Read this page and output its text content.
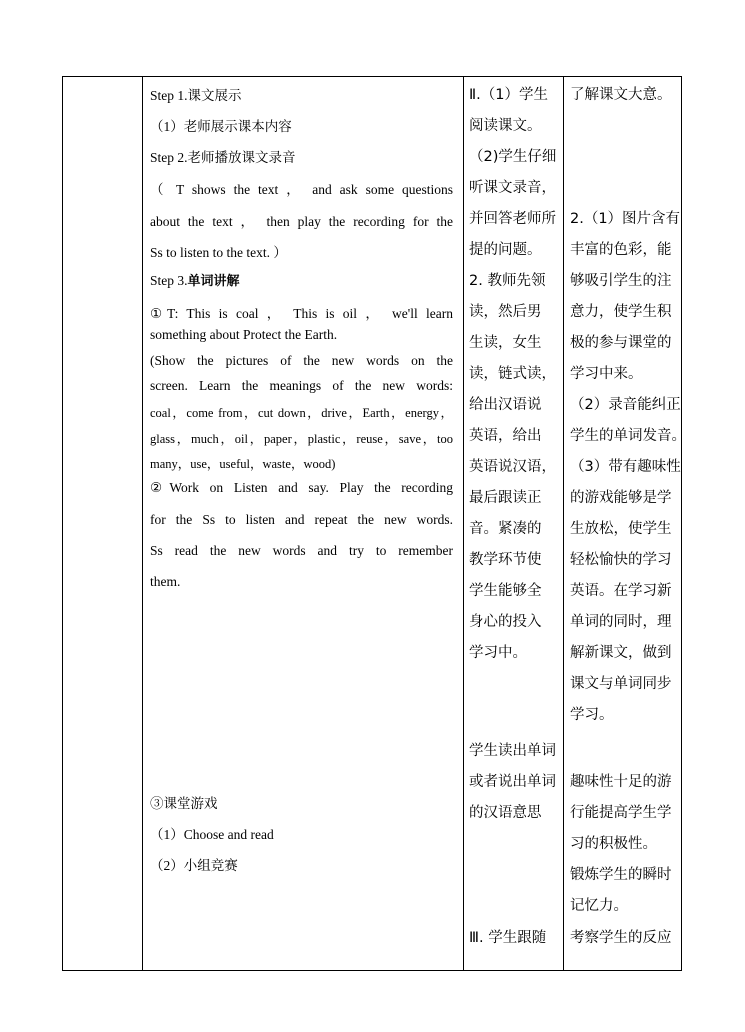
Step 1.课文展示
（1）老师展示课本内容
Step 2.老师播放课文录音
（ T shows the text ， and ask some questions
about the text ， then play the recording for the
Ss to listen to the text. ）
Step 3.单词讲解
①T: This is coal ， This is oil ， we'll learn
something about Protect the Earth.
(Show the pictures of the new words on the
screen. Learn the meanings of the new words:
coal，come from，cut down，drive，Earth，energy，
glass，much，oil，paper，plastic，reuse，save，too
many，use，useful，waste，wood)
②Work on Listen and say. Play the recording
for the Ss to listen and repeat the new words.
Ss read the new words and try to remember
them.
③课堂游戏
（1）Choose and read
（2）小组竞赛
Ⅱ.（1）学生
阅读课文。
（2)学生仔细
听课文录音，
并回答老师所
提的问题。
2. 教师先领
读，然后男
生读，女生
读，链式读，
给出汉语说
英语，给出
英语说汉语，
最后跟读正
音。紧凑的
教学环节使
学生能够全
身心的投入
学习中。
学生读出单词
或者说出单词
的汉语意思
Ⅲ. 学生跟随
了解课文大意。
2.（1）图片含有
丰富的色彩，能
够吸引学生的注
意力，使学生积
极的参与课堂的
学习中来。
（2）录音能纠正
学生的单词发音。
（3）带有趣味性
的游戏能够是学
生放松，使学生
轻松愉快的学习
英语。在学习新
单词的同时，理
解新课文，做到
课文与单词同步
学习。
趣味性十足的游
行能提高学生学
习的积极性。
锻炼学生的瞬时
记忆力。
考察学生的反应
